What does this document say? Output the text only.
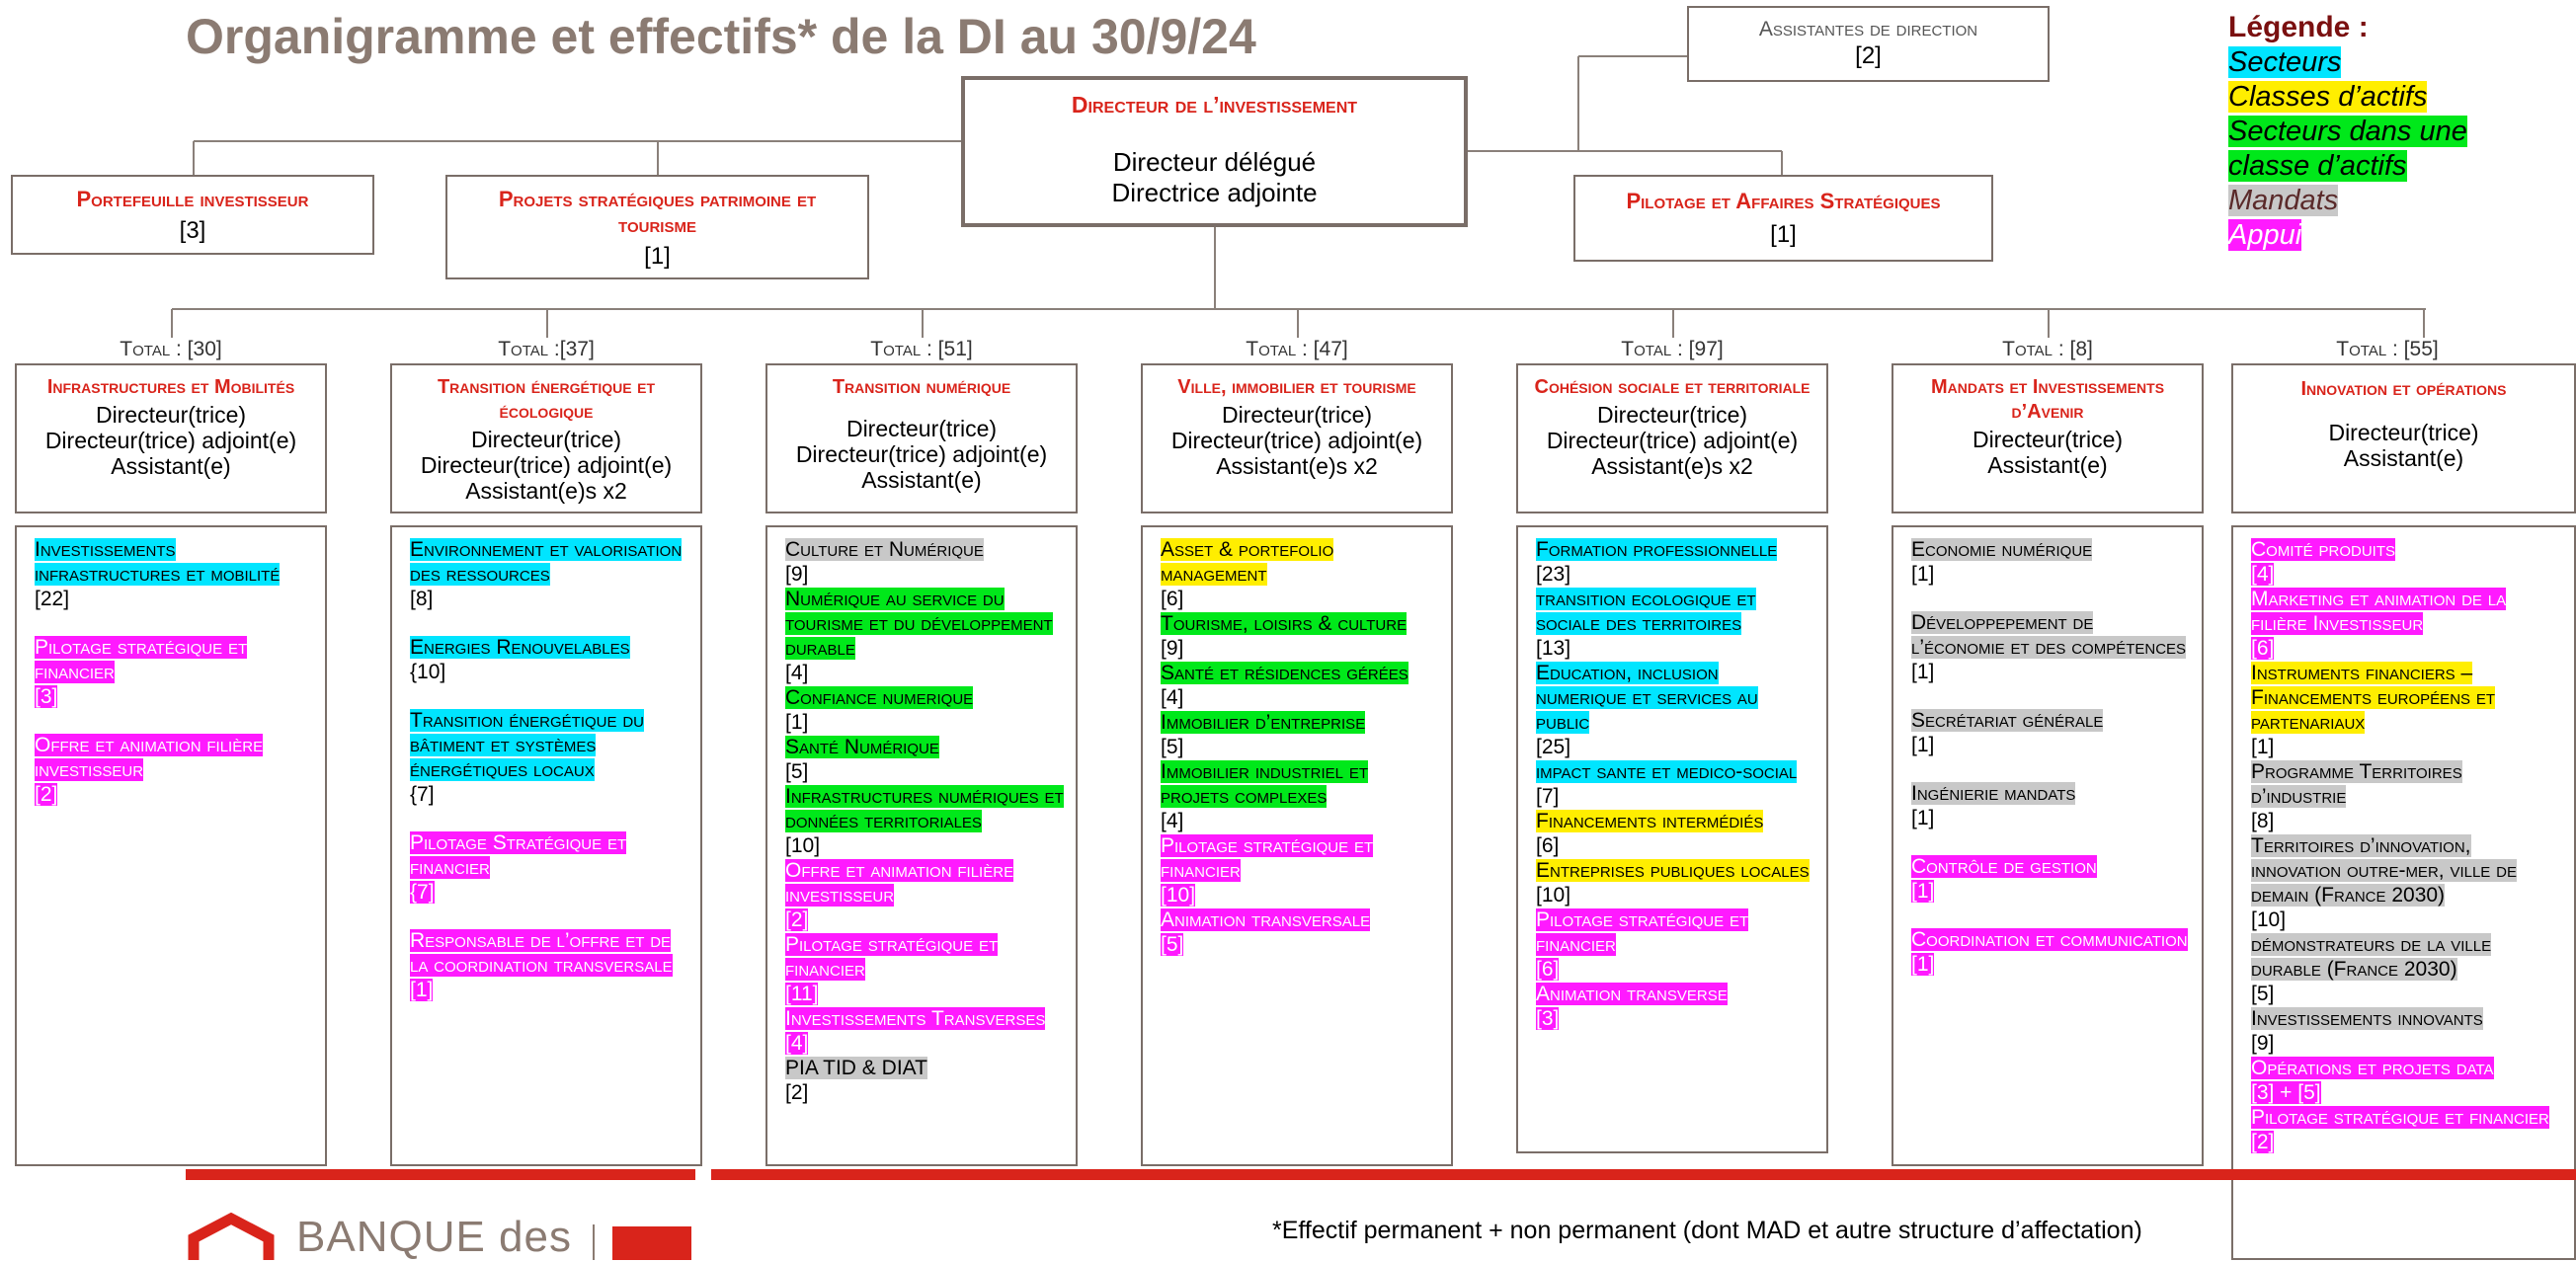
Organigramme et effectifs* de la DI au 30/9/24
Directeur de l’investissement
Directeur délégué
Directrice adjointe
Assistantes de direction
[2]
Portefeuille investisseur
[3]
Projets stratégiques patrimoine et tourisme
[1]
Pilotage et Affaires Stratégiques
[1]
Légende :
Secteurs
Classes d’actifs
Secteurs dans une classe d’actifs
Mandats
Appui
Total : [30]
Infrastructures et Mobilités
Directeur(trice)
Directeur(trice) adjoint(e)
Assistant(e)
Investissements infrastructures et mobilité
[22]
Pilotage stratégique et financier
[3]
Offre et animation filière investisseur
[2]
Total :[37]
Transition énergétique et écologique
Directeur(trice)
Directeur(trice) adjoint(e)
Assistant(e)s x2
Environnement et valorisation des ressources
[8]
Energies Renouvelables
{10]
Transition énergétique du bâtiment et systèmes énergétiques locaux
{7]
Pilotage Stratégique et financier
{7]
Responsable de l’offre et de la coordination transversale
[1]
Total : [51]
Transition numérique
Directeur(trice)
Directeur(trice) adjoint(e)
Assistant(e)
Culture et Numérique
[9]
Numérique au service du tourisme et du développement durable
[4]
Confiance numerique
[1]
Santé Numérique
[5]
Infrastructures numériques et données territoriales
[10]
Offre et animation filière investisseur
[2]
Pilotage stratégique et financier
[11]
Investissements Transverses
[4]
PIA TID & DIAT
[2]
Total : [47]
Ville, immobilier et tourisme
Directeur(trice)
Directeur(trice) adjoint(e)
Assistant(e)s x2
Asset & portefolio management
[6]
Tourisme, loisirs & culture
[9]
Santé et résidences gérées
[4]
Immobilier d’entreprise
[5]
Immobilier industriel et projets complexes
[4]
Pilotage stratégique et financier
[10]
Animation transversale
[5]
Total : [97]
Cohésion sociale et territoriale
Directeur(trice)
Directeur(trice) adjoint(e)
Assistant(e)s x2
Formation professionnelle
[23]
transition ecologique et sociale des territoires
[13]
Education, inclusion numerique et services au public
[25]
impact sante et medico-social
[7]
Financements intermédiés
[6]
Entreprises publiques locales
[10]
Pilotage stratégique et financier
[6]
Animation transverse
[3]
Total : [8]
Mandats et Investissements d’Avenir
Directeur(trice)
Assistant(e)
Economie numérique
[1]
Développepement de l’économie et des compétences
[1]
Secrétariat générale
[1]
Ingénierie mandats
[1]
Contrôle de gestion
[1]
Coordination et communication
[1]
Total : [55]
Innovation et opérations
Directeur(trice)
Assistant(e)
Comité produits
[4]
Marketing et animation de la filière Investisseur
[6]
Instruments financiers – Financements européens et partenariaux
[1]
Programme Territoires d’industrie
[8]
Territoires d’innovation, innovation outre-mer, ville de demain (France 2030)
[10]
démonstrateurs de la ville durable (France 2030)
[5]
Investissements innovants
[9]
Opérations et projets data
[3] + [5]
Pilotage stratégique et financier
[2]
BANQUE des	*Effectif permanent + non permanent (dont MAD et autre structure d’affectation)
